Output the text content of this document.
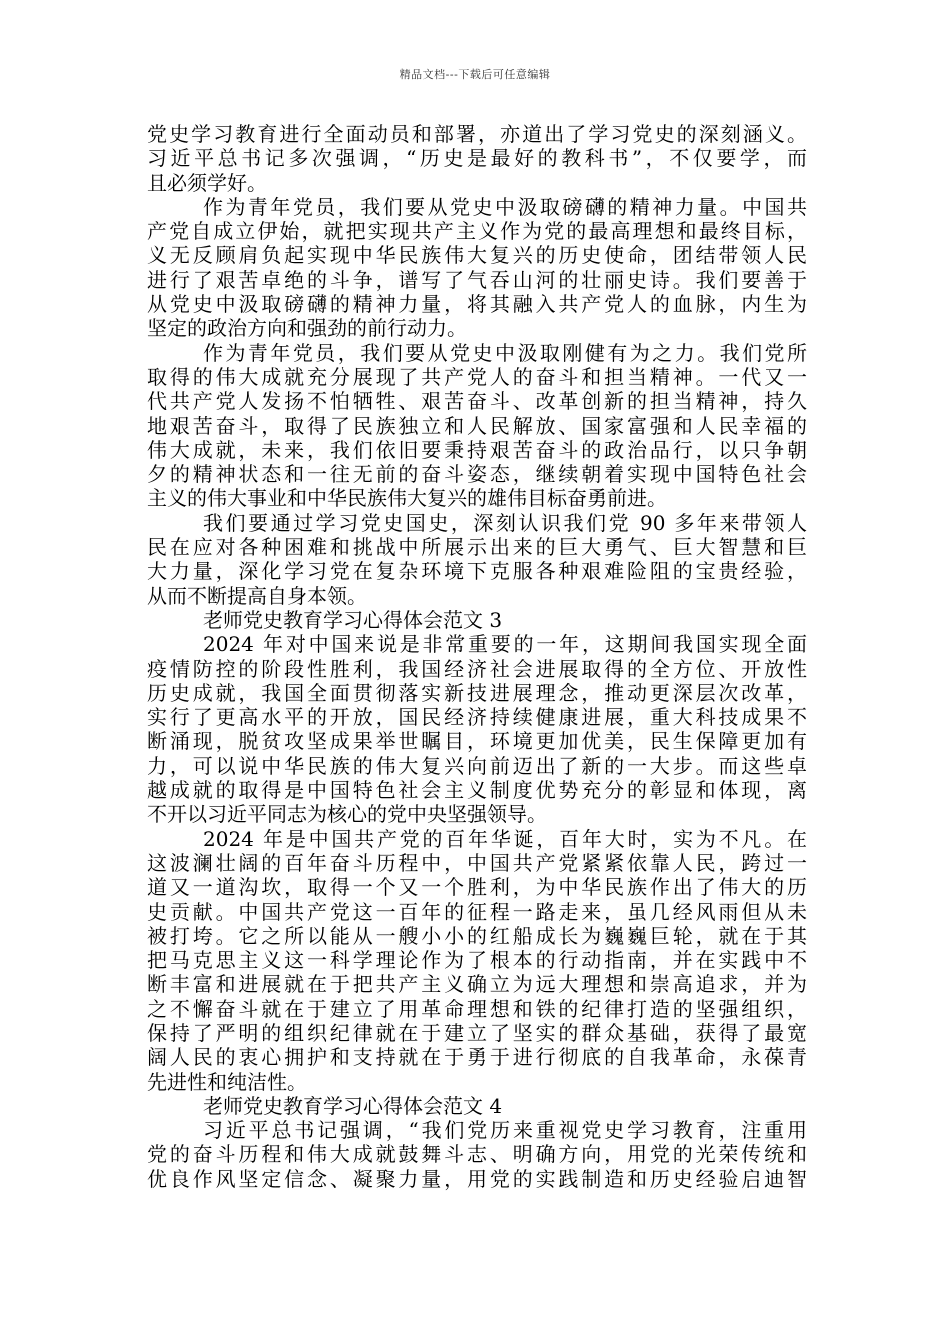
精品文档---下载后可任意编辑
党史学习教育进行全面动员和部署，亦道出了学习党史的深刻涵义。
习近平总书记多次强调，“历史是最好的教科书”，不仅要学，而
且必须学好。
作为青年党员，我们要从党史中汲取磅礴的精神力量。中国共
产党自成立伊始，就把实现共产主义作为党的最高理想和最终目标，
义无反顾肩负起实现中华民族伟大复兴的历史使命，团结带领人民
进行了艰苦卓绝的斗争，谱写了气吞山河的壮丽史诗。我们要善于
从党史中汲取磅礴的精神力量，将其融入共产党人的血脉，内生为
坚定的政治方向和强劲的前行动力。
作为青年党员，我们要从党史中汲取刚健有为之力。我们党所
取得的伟大成就充分展现了共产党人的奋斗和担当精神。一代又一
代共产党人发扬不怕牺牲、艰苦奋斗、改革创新的担当精神，持久
地艰苦奋斗，取得了民族独立和人民解放、国家富强和人民幸福的
伟大成就，未来，我们依旧要秉持艰苦奋斗的政治品行，以只争朝
夕的精神状态和一往无前的奋斗姿态，继续朝着实现中国特色社会
主义的伟大事业和中华民族伟大复兴的雄伟目标奋勇前进。
我们要通过学习党史国史，深刻认识我们党 90 多年来带领人
民在应对各种困难和挑战中所展示出来的巨大勇气、巨大智慧和巨
大力量，深化学习党在复杂环境下克服各种艰难险阻的宝贵经验，
从而不断提高自身本领。
老师党史教育学习心得体会范文 3
2024 年对中国来说是非常重要的一年，这期间我国实现全面
疫情防控的阶段性胜利，我国经济社会进展取得的全方位、开放性
历史成就，我国全面贯彻落实新技进展理念，推动更深层次改革，
实行了更高水平的开放，国民经济持续健康进展，重大科技成果不
断涌现，脱贫攻坚成果举世瞩目，环境更加优美，民生保障更加有
力，可以说中华民族的伟大复兴向前迈出了新的一大步。而这些卓
越成就的取得是中国特色社会主义制度优势充分的彰显和体现，离
不开以习近平同志为核心的党中央坚强领导。
2024 年是中国共产党的百年华诞，百年大时，实为不凡。在
这波澜壮阔的百年奋斗历程中，中国共产党紧紧依靠人民，跨过一
道又一道沟坎，取得一个又一个胜利，为中华民族作出了伟大的历
史贡献。中国共产党这一百年的征程一路走来，虽几经风雨但从未
被打垮。它之所以能从一艘小小的红船成长为巍巍巨轮，就在于其
把马克思主义这一科学理论作为了根本的行动指南，并在实践中不
断丰富和进展就在于把共产主义确立为远大理想和崇高追求，并为
之不懈奋斗就在于建立了用革命理想和铁的纪律打造的坚强组织，
保持了严明的组织纪律就在于建立了坚实的群众基础，获得了最宽
阔人民的衷心拥护和支持就在于勇于进行彻底的自我革命，永葆青
先进性和纯洁性。
老师党史教育学习心得体会范文 4
习近平总书记强调，“我们党历来重视党史学习教育，注重用
党的奋斗历程和伟大成就鼓舞斗志、明确方向，用党的光荣传统和
优良作风坚定信念、凝聚力量，用党的实践制造和历史经验启迪智
